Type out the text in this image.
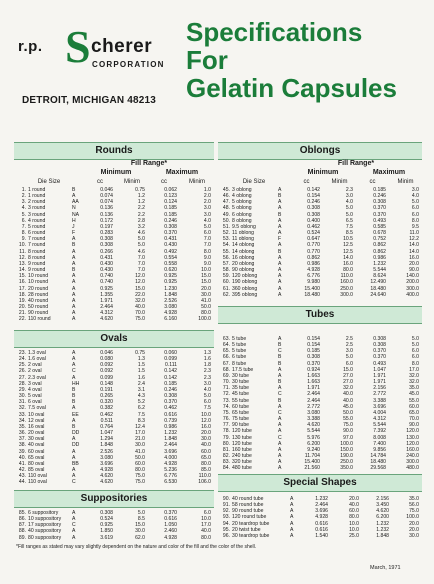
r.p. S cherer
CORPORATION
DETROIT, MICHIGAN 48213
Specifications
For
Gelatin Capsules
Rounds
Fill Range*
Minimum	Maximum
Die Size	cc	Minim	cc	Minim
1. 1 round	B	0.046	0.75	0.062	1.0
2. 1 round	A	0.074	1.2	0.123	2.0
3. 2 round	AA	0.074	1.2	0.124	2.0
4. 3 round	N	0.136	2.2	0.185	3.0
5. 3 round	NA	0.136	2.2	0.185	3.0
6. 4 round	H	0.172	2.8	0.246	4.0
7. 5 round	J	0.197	3.2	0.308	5.0
8. 6 round	F	0.283	4.6	0.370	6.0
9. 7 round	A	0.308	5.0	0.431	7.0
10. 7 round	B	0.308	5.0	0.430	7.0
11. 8 round	A	0.266	4.6	0.492	8.0
12. 8 round	A	0.431	7.0	0.554	9.0
13. 9 round	A	0.430	7.0	0.558	9.0
14. 9 round	B	0.430	7.0	0.620	10.0
15. 10 round	A	0.740	12.0	0.925	15.0
16. 10 round	A	0.740	12.0	0.925	15.0
17. 20 round	A	0.925	15.0	1.230	20.0
18. 28 round	A	1.355	22.0	1.848	30.0
19. 40 round	A	1.971	32.0	2.526	41.0
20. 50 round	A	2.464	40.0	3.080	50.0
21. 90 round	A	4.312	70.0	4.928	80.0
22. 110 round	A	4.620	75.0	6.160	100.0
Oblongs
Fill Range*
Minimum	Maximum
Die Size	cc	Minim	cc	Minim
45. 3 oblong	A	0.142	2.3	0.185	3.0
46. 4 oblong	B	0.154	3.0	0.246	4.0
47. 5 oblong	A	0.246	4.0	0.308	5.0
48. 5 oblong	A	0.308	5.0	0.370	6.0
49. 6 oblong	B	0.308	5.0	0.370	6.0
50. 8 oblong	A	0.400	6.5	0.493	8.0
51. 9.5 oblong	A	0.462	7.5	0.585	9.5
52. 11 oblong	A	0.524	8.5	0.678	11.0
53. 11 oblong	F	0.647	10.5	0.752	12.2
54. 14 oblong	A	0.770	12.5	0.862	14.0
55. 14 oblong	B	0.770	12.5	0.862	14.0
56. 16 oblong	A	0.862	14.0	0.986	16.0
57. 20 oblong	A	0.986	16.0	1.232	20.0
58. 90 oblong	A	4.928	80.0	5.544	90.0
59. 120 oblong	A	6.776	110.0	8.624	140.0
60. 190 oblong	A	9.980	160.0	12.490	200.0
61. 360 oblong	A	15.400	250.0	18.480	300.0
62. 395 oblong	A	18.480	300.0	24.640	400.0
Ovals
23. 1.3 oval	A	0.046	0.75	0.060	1.3
24. 1.6 oval	A	0.080	1.3	0.099	1.6
25. 2 oval	A	0.092	1.5	0.111	1.8
26. 2 oval	C	0.092	1.5	0.142	2.3
27. 2.3 oval	A	0.099	1.6	0.142	2.3
28. 3 oval	HH	0.148	2.4	0.185	3.0
29. 4 oval	B	0.191	3.1	0.246	4.0
30. 5 oval	B	0.265	4.3	0.308	5.0
31. 6 oval	B	0.320	5.2	0.370	6.0
32. 7.5 oval	A	0.382	6.2	0.462	7.5
33. 10 oval	EE	0.462	7.5	0.616	10.0
34. 12 oval	A	0.511	8.3	0.739	12.0
35. 16 oval	B	0.764	12.4	0.986	16.0
36. 20 oval	DD	1.047	17.0	1.232	20.0
37. 30 oval	A	1.294	21.0	1.848	30.0
38. 40 oval	DD	1.848	30.0	2.464	40.0
39. 60 oval	A	2.526	41.0	3.696	60.0
40. 65 oval	A	3.080	50.0	4.000	65.0
41. 80 oval	BB	3.696	60.0	4.928	80.0
42. 85 oval	A	4.928	80.0	5.236	85.0
43. 110 oval	A	4.620	75.0	6.776	110.0
44. 110 oval	C	4.620	75.0	6.530	106.0
Tubes
63. 5 tube	A	0.154	2.5	0.308	5.0
64. 5 tube	B	0.154	2.5	0.308	5.0
65. 5 tube	C	0.185	3.0	0.370	6.0
66. 6 tube	B	0.308	5.0	0.370	6.0
67. 8 tube	B	0.370	6.0	0.493	8.0
68. 17.5 tube	A	0.924	15.0	1.047	17.0
69. 30 tube	A	1.663	27.0	1.971	32.0
70. 30 tube	B	1.663	27.0	1.971	32.0
71. 35 tube	A	1.971	32.0	2.156	35.0
72. 45 tube	C	2.464	40.0	2.772	45.0
73. 55 tube	B	2.464	40.0	3.388	55.0
74. 60 tube	A	2.772	45.0	3.696	60.0
75. 65 tube	C	3.080	50.0	4.004	65.0
76. 75 tube	A	3.388	55.0	4.312	70.0
77. 90 tube	A	4.620	75.0	5.544	90.0
78. 120 tube	A	5.544	90.0	7.392	120.0
79. 130 tube	C	5.976	97.0	8.008	130.0
80. 120 tube	A	6.200	100.0	7.400	120.0
81. 160 tube	A	9.240	150.0	9.856	160.0
82. 240 tube	A	11.704	190.0	14.784	240.0
83. 320 tube	A	15.400	250.0	18.480	300.0
84. 480 tube	A	21.560	350.0	29.568	480.0
Suppositories
85. 6 suppository	A	0.308	5.0	0.370	6.0
86. 10 suppository	A	0.524	8.5	0.616	10.0
87. 17 suppository	C	0.925	15.0	1.050	17.0
88. 40 suppository	A	1.850	30.0	2.460	40.0
89. 80 suppository	A	3.619	62.0	4.928	80.0
Special Shapes
90. 40 round tube	A	1.232	20.0	2.156	35.0
91. 58 round tube	A	2.464	40.0	3.450	56.0
92. 90 round tube	A	3.696	60.0	4.620	75.0
93. 120 round tube	A	4.928	80.0	6.200	100.0
94. 20 teardrop tube	A	0.616	10.0	1.232	20.0
95. 20 twist tube	A	0.616	10.0	1.232	20.0
96. 30 teardrop tube	A	1.540	25.0	1.848	30.0
*Fill ranges as stated may vary slightly dependent on the nature and color of the fill and the color of the shell.
March, 1971
